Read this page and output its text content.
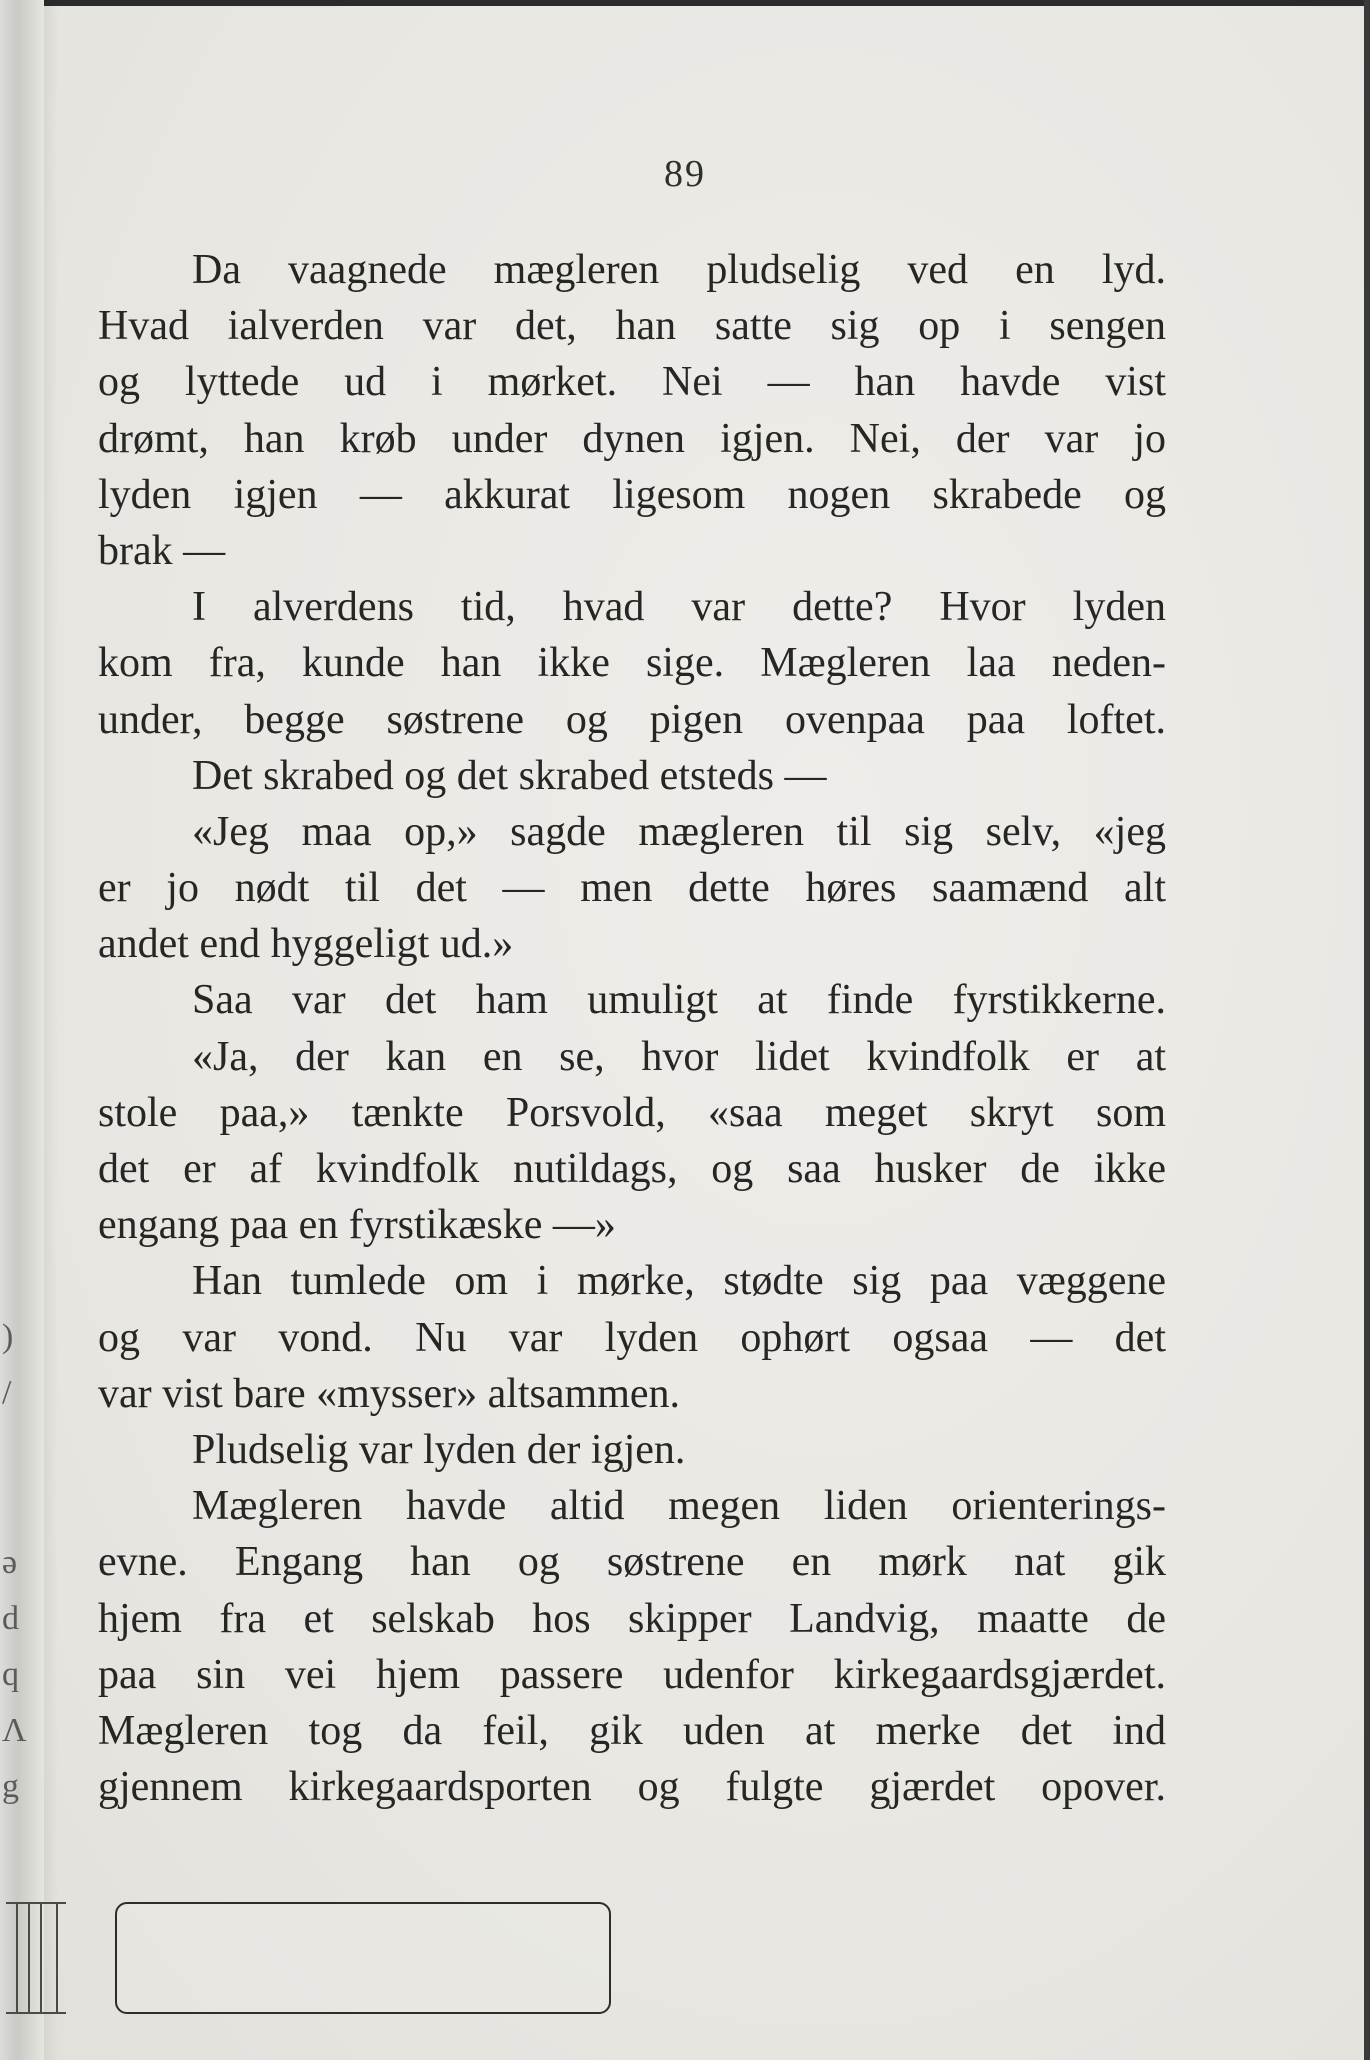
)
/
ə
d
q
Ʌ
g
89
Da vaagnede mægleren pludselig ved en lyd.
Hvad ialverden var det, han satte sig op i sengen
og lyttede ud i mørket. Nei — han havde vist
drømt, han krøb under dynen igjen. Nei, der var jo
lyden igjen — akkurat ligesom nogen skrabede og
brak —
I alverdens tid, hvad var dette? Hvor lyden
kom fra, kunde han ikke sige. Mægleren laa neden-
under, begge søstrene og pigen ovenpaa paa loftet.
Det skrabed og det skrabed etsteds —
«Jeg maa op,» sagde mægleren til sig selv, «jeg
er jo nødt til det — men dette høres saamænd alt
andet end hyggeligt ud.»
Saa var det ham umuligt at finde fyrstikkerne.
«Ja, der kan en se, hvor lidet kvindfolk er at
stole paa,» tænkte Porsvold, «saa meget skryt som
det er af kvindfolk nutildags, og saa husker de ikke
engang paa en fyrstikæske —»
Han tumlede om i mørke, stødte sig paa væggene
og var vond. Nu var lyden ophørt ogsaa — det
var vist bare «mysser» altsammen.
Pludselig var lyden der igjen.
Mægleren havde altid megen liden orienterings-
evne. Engang han og søstrene en mørk nat gik
hjem fra et selskab hos skipper Landvig, maatte de
paa sin vei hjem passere udenfor kirkegaardsgjærdet.
Mægleren tog da feil, gik uden at merke det ind
gjennem kirkegaardsporten og fulgte gjærdet opover.
